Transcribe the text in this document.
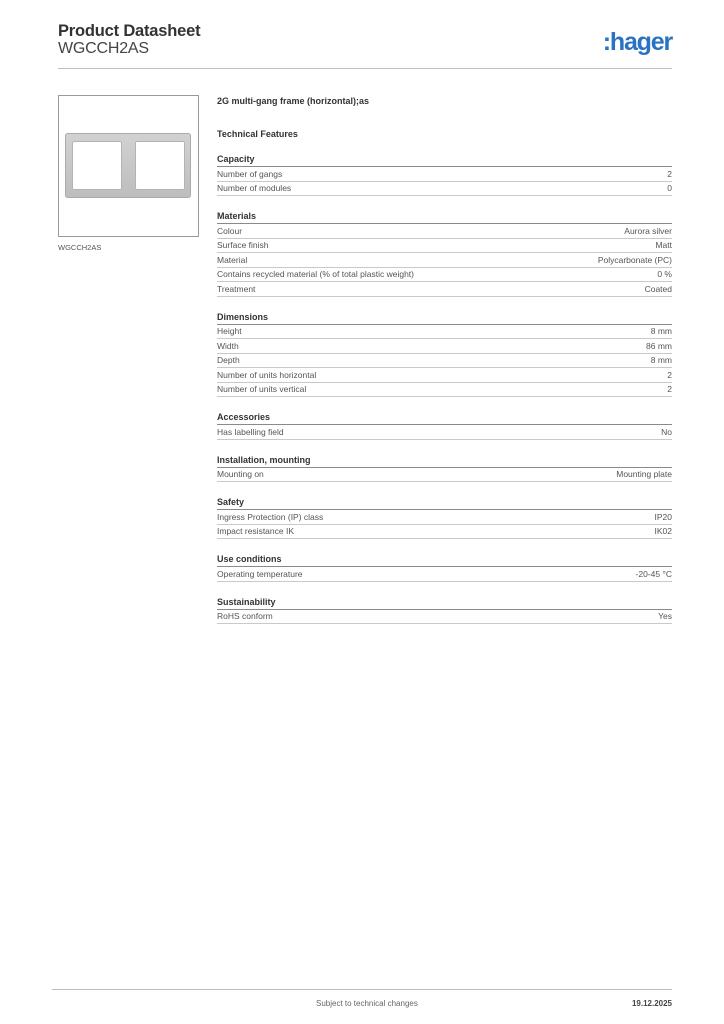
Product Datasheet
WGCCH2AS	:hager
WGCCH2AS
2G multi-gang frame (horizontal);as
Technical Features
Capacity
Number of gangs	2
Number of modules	0
Materials
Colour	Aurora silver
Surface finish	Matt
Material	Polycarbonate (PC)
Contains recycled material (% of total plastic weight)	0 %
Treatment	Coated
Dimensions
Height	8 mm
Width	86 mm
Depth	8 mm
Number of units horizontal	2
Number of units vertical	2
Accessories
Has labelling field	No
Installation, mounting
Mounting on	Mounting plate
Safety
Ingress Protection (IP) class	IP20
Impact resistance IK	IK02
Use conditions
Operating temperature	-20-45 °C
Sustainability
RoHS conform	Yes
Subject to technical changes	19.12.2025
